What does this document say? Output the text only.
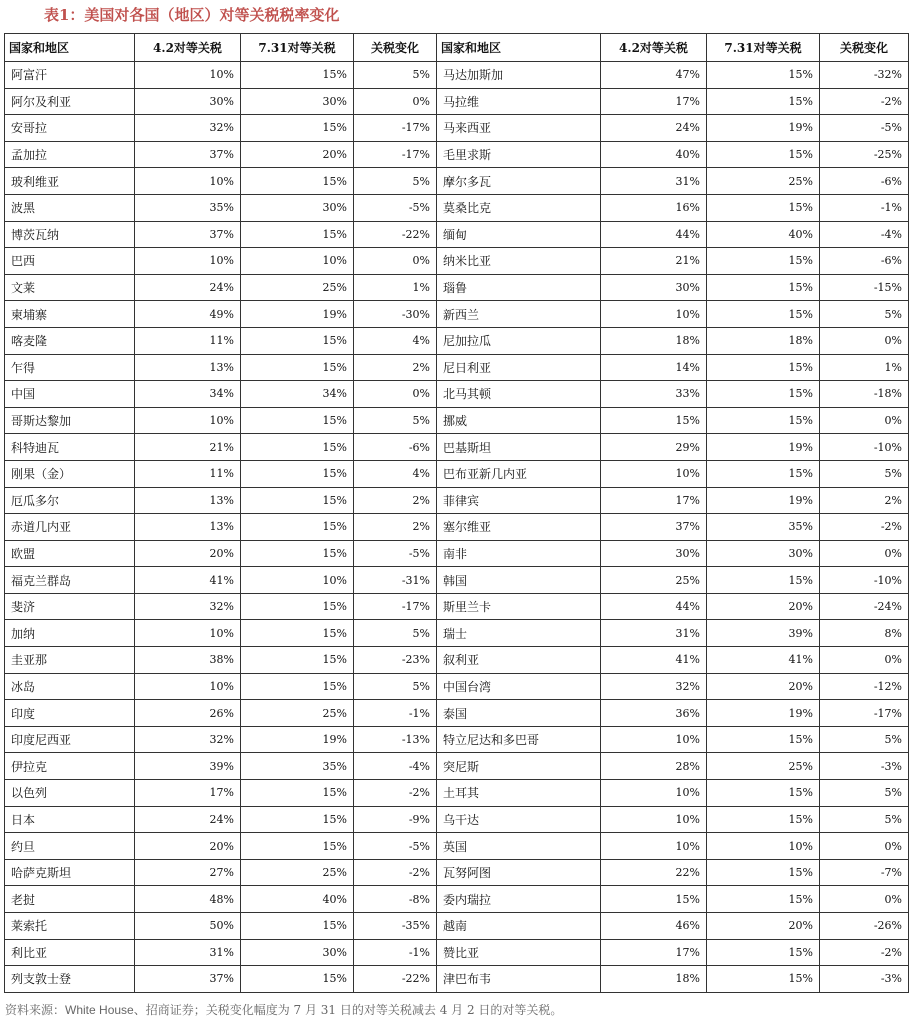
表1：美国对各国（地区）对等关税税率变化
国家和地区	4.2对等关税	7.31对等关税	关税变化	国家和地区	4.2对等关税	7.31对等关税	关税变化
阿富汗	10%	15%	5%	马达加斯加	47%	15%	-32%
阿尔及利亚	30%	30%	0%	马拉维	17%	15%	-2%
安哥拉	32%	15%	-17%	马来西亚	24%	19%	-5%
孟加拉	37%	20%	-17%	毛里求斯	40%	15%	-25%
玻利维亚	10%	15%	5%	摩尔多瓦	31%	25%	-6%
波黑	35%	30%	-5%	莫桑比克	16%	15%	-1%
博茨瓦纳	37%	15%	-22%	缅甸	44%	40%	-4%
巴西	10%	10%	0%	纳米比亚	21%	15%	-6%
文莱	24%	25%	1%	瑙鲁	30%	15%	-15%
柬埔寨	49%	19%	-30%	新西兰	10%	15%	5%
喀麦隆	11%	15%	4%	尼加拉瓜	18%	18%	0%
乍得	13%	15%	2%	尼日利亚	14%	15%	1%
中国	34%	34%	0%	北马其顿	33%	15%	-18%
哥斯达黎加	10%	15%	5%	挪威	15%	15%	0%
科特迪瓦	21%	15%	-6%	巴基斯坦	29%	19%	-10%
刚果（金）	11%	15%	4%	巴布亚新几内亚	10%	15%	5%
厄瓜多尔	13%	15%	2%	菲律宾	17%	19%	2%
赤道几内亚	13%	15%	2%	塞尔维亚	37%	35%	-2%
欧盟	20%	15%	-5%	南非	30%	30%	0%
福克兰群岛	41%	10%	-31%	韩国	25%	15%	-10%
斐济	32%	15%	-17%	斯里兰卡	44%	20%	-24%
加纳	10%	15%	5%	瑞士	31%	39%	8%
圭亚那	38%	15%	-23%	叙利亚	41%	41%	0%
冰岛	10%	15%	5%	中国台湾	32%	20%	-12%
印度	26%	25%	-1%	泰国	36%	19%	-17%
印度尼西亚	32%	19%	-13%	特立尼达和多巴哥	10%	15%	5%
伊拉克	39%	35%	-4%	突尼斯	28%	25%	-3%
以色列	17%	15%	-2%	土耳其	10%	15%	5%
日本	24%	15%	-9%	乌干达	10%	15%	5%
约旦	20%	15%	-5%	英国	10%	10%	0%
哈萨克斯坦	27%	25%	-2%	瓦努阿图	22%	15%	-7%
老挝	48%	40%	-8%	委内瑞拉	15%	15%	0%
莱索托	50%	15%	-35%	越南	46%	20%	-26%
利比亚	31%	30%	-1%	赞比亚	17%	15%	-2%
列支敦士登	37%	15%	-22%	津巴布韦	18%	15%	-3%
资料来源：White House、招商证券；关税变化幅度为 7 月 31 日的对等关税减去 4 月 2 日的对等关税。
